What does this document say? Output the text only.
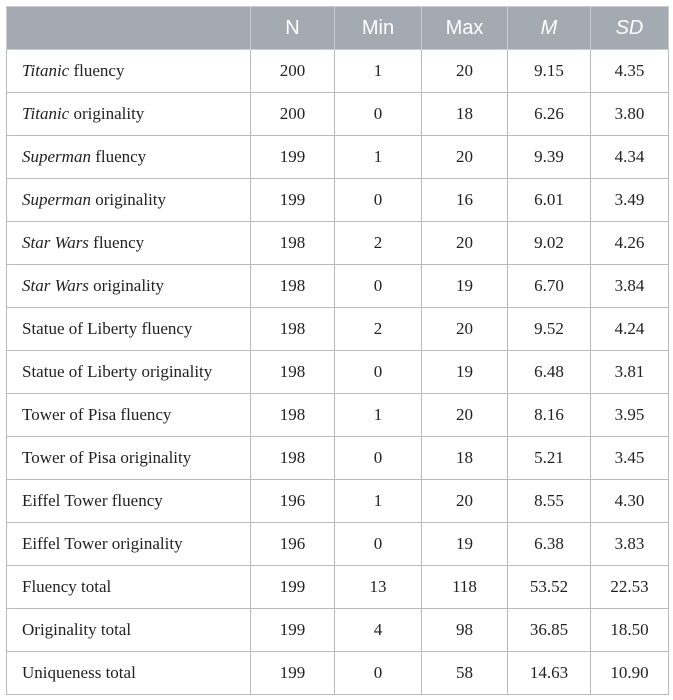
	N	Min	Max	M	SD
Titanic fluency	200	1	20	9.15	4.35
Titanic originality	200	0	18	6.26	3.80
Superman fluency	199	1	20	9.39	4.34
Superman originality	199	0	16	6.01	3.49
Star Wars fluency	198	2	20	9.02	4.26
Star Wars originality	198	0	19	6.70	3.84
Statue of Liberty fluency	198	2	20	9.52	4.24
Statue of Liberty originality	198	0	19	6.48	3.81
Tower of Pisa fluency	198	1	20	8.16	3.95
Tower of Pisa originality	198	0	18	5.21	3.45
Eiffel Tower fluency	196	1	20	8.55	4.30
Eiffel Tower originality	196	0	19	6.38	3.83
Fluency total	199	13	118	53.52	22.53
Originality total	199	4	98	36.85	18.50
Uniqueness total	199	0	58	14.63	10.90
